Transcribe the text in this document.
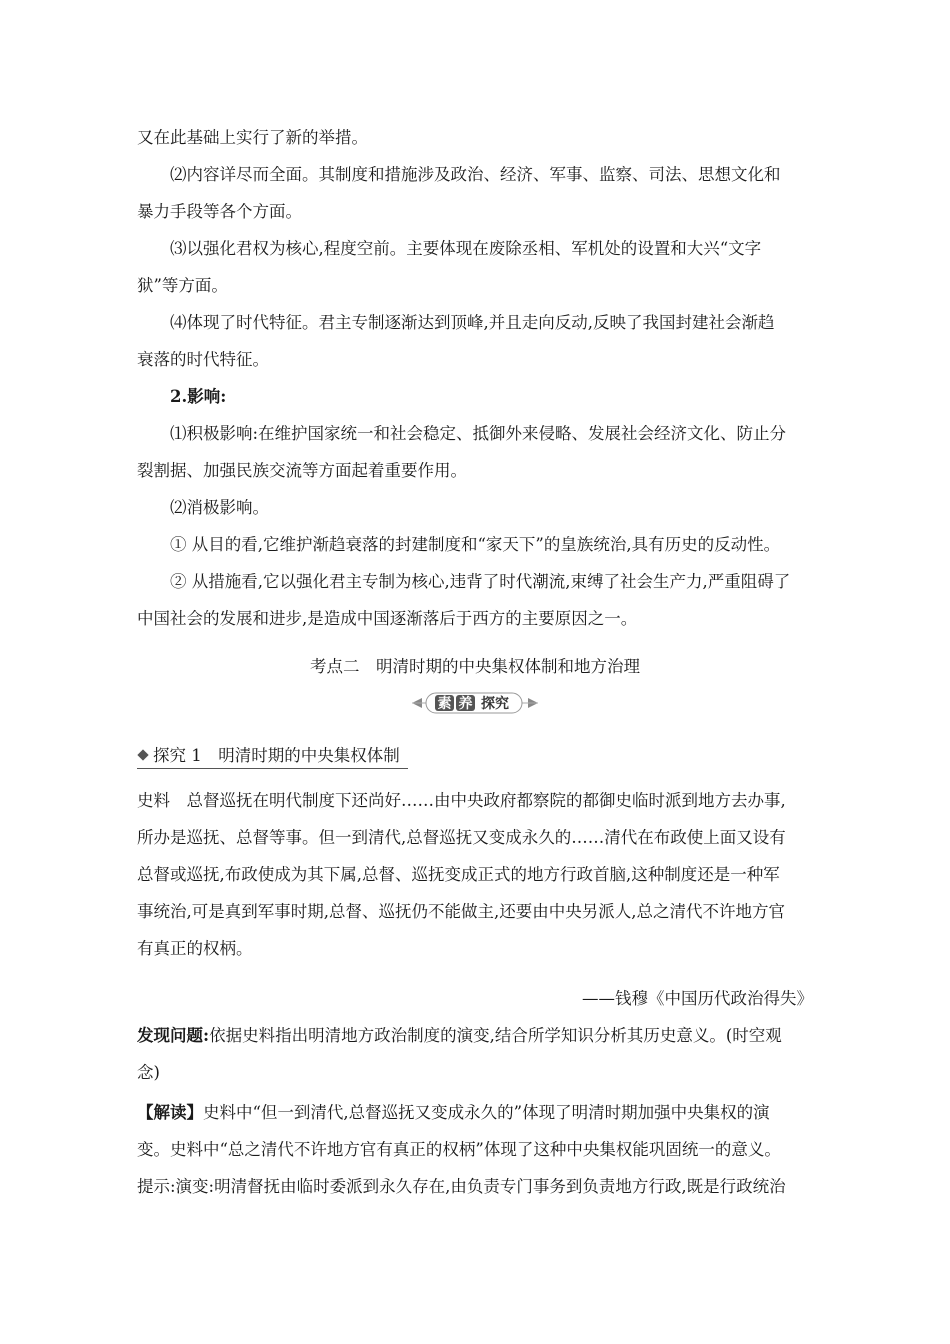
又在此基础上实行了新的举措。
⑵内容详尽而全面。其制度和措施涉及政治、经济、军事、监察、司法、思想文化和
暴力手段等各个方面。
⑶以强化君权为核心,程度空前。主要体现在废除丞相、军机处的设置和大兴“文字
狱”等方面。
⑷体现了时代特征。君主专制逐渐达到顶峰,并且走向反动,反映了我国封建社会渐趋
衰落的时代特征。
2.影响:
⑴积极影响:在维护国家统一和社会稳定、抵御外来侵略、发展社会经济文化、防止分
裂割据、加强民族交流等方面起着重要作用。
⑵消极影响。
① 从目的看,它维护渐趋衰落的封建制度和“家天下”的皇族统治,具有历史的反动性。
② 从措施看,它以强化君主专制为核心,违背了时代潮流,束缚了社会生产力,严重阻碍了
中国社会的发展和进步,是造成中国逐渐落后于西方的主要原因之一。
考点二　明清时期的中央集权体制和地方治理
素 养 探究
探究 1　明清时期的中央集权体制
史料　总督巡抚在明代制度下还尚好……由中央政府都察院的都御史临时派到地方去办事,
所办是巡抚、总督等事。但一到清代,总督巡抚又变成永久的……清代在布政使上面又设有
总督或巡抚,布政使成为其下属,总督、巡抚变成正式的地方行政首脑,这种制度还是一种军
事统治,可是真到军事时期,总督、巡抚仍不能做主,还要由中央另派人,总之清代不许地方官
有真正的权柄。
——钱穆《中国历代政治得失》
发现问题:依据史料指出明清地方政治制度的演变,结合所学知识分析其历史意义。(时空观
念)
【解读】史料中“但一到清代,总督巡抚又变成永久的”体现了明清时期加强中央集权的演
变。史料中“总之清代不许地方官有真正的权柄”体现了这种中央集权能巩固统一的意义。
提示:演变:明清督抚由临时委派到永久存在,由负责专门事务到负责地方行政,既是行政统治
